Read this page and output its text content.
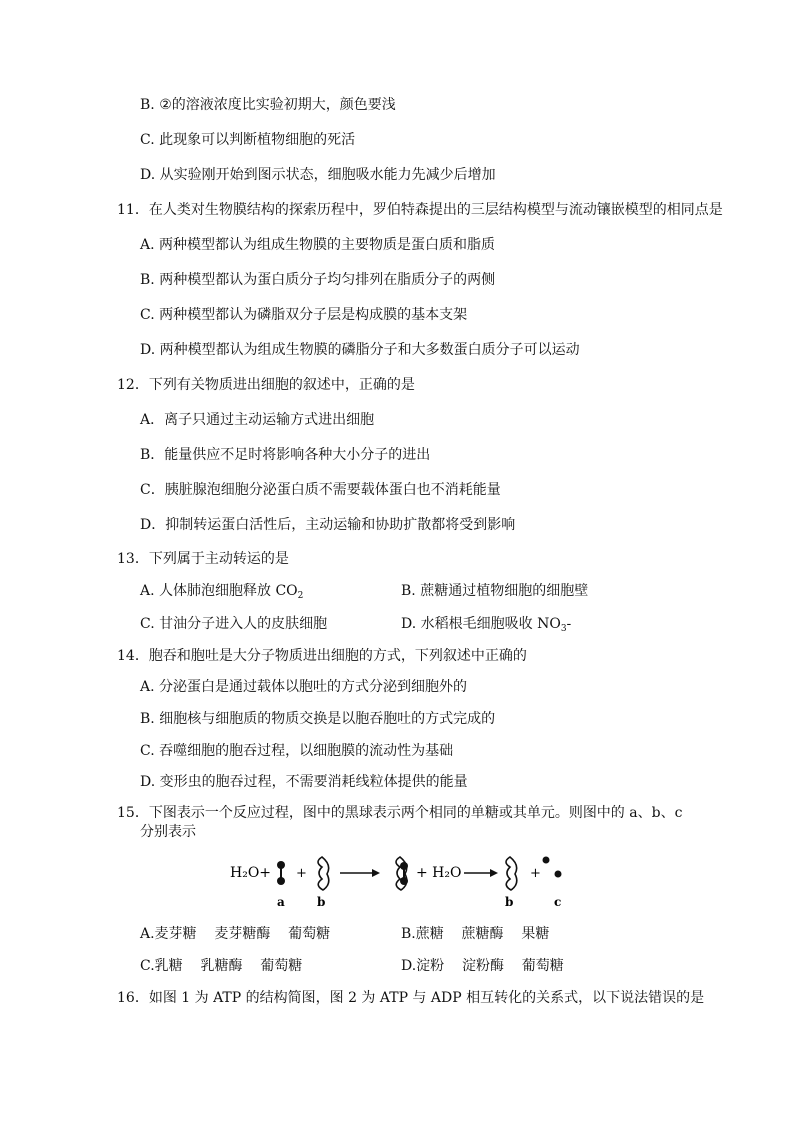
B. ②的溶液浓度比实验初期大，颜色要浅
C. 此现象可以判断植物细胞的死活
D. 从实验刚开始到图示状态，细胞吸水能力先减少后增加
11．在人类对生物膜结构的探索历程中，罗伯特森提出的三层结构模型与流动镶嵌模型的相同点是
A. 两种模型都认为组成生物膜的主要物质是蛋白质和脂质
B. 两种模型都认为蛋白质分子均匀排列在脂质分子的两侧
C. 两种模型都认为磷脂双分子层是构成膜的基本支架
D. 两种模型都认为组成生物膜的磷脂分子和大多数蛋白质分子可以运动
12．下列有关物质进出细胞的叙述中，正确的是
A．离子只通过主动运输方式进出细胞
B．能量供应不足时将影响各种大小分子的进出
C．胰脏腺泡细胞分泌蛋白质不需要载体蛋白也不消耗能量
D．抑制转运蛋白活性后，主动运输和协助扩散都将受到影响
13．下列属于主动转运的是
A. 人体肺泡细胞释放 $CO_2$	B. 蔗糖通过植物细胞的细胞壁
C. 甘油分子进入人的皮肤细胞	D. 水稻根毛细胞吸收 $NO_3-$
14．胞吞和胞吐是大分子物质进出细胞的方式，下列叙述中正确的
A. 分泌蛋白是通过载体以胞吐的方式分泌到细胞外的
B. 细胞核与细胞质的物质交换是以胞吞胞吐的方式完成的
C. 吞噬细胞的胞吞过程，以细胞膜的流动性为基础
D. 变形虫的胞吞过程，不需要消耗线粒体提供的能量
15．下图表示一个反应过程，图中的黑球表示两个相同的单糖或其单元。则图中的 a、b、c
分别表示
H₂O+ +	+ H₂O	+
a	b	b	c
A.麦芽糖    麦芽糖酶    葡萄糖	B.蔗糖    蔗糖酶    果糖
C.乳糖    乳糖酶    葡萄糖	D.淀粉    淀粉酶    葡萄糖
16．如图 1 为 ATP 的结构简图，图 2 为 ATP 与 ADP 相互转化的关系式，以下说法错误的是
